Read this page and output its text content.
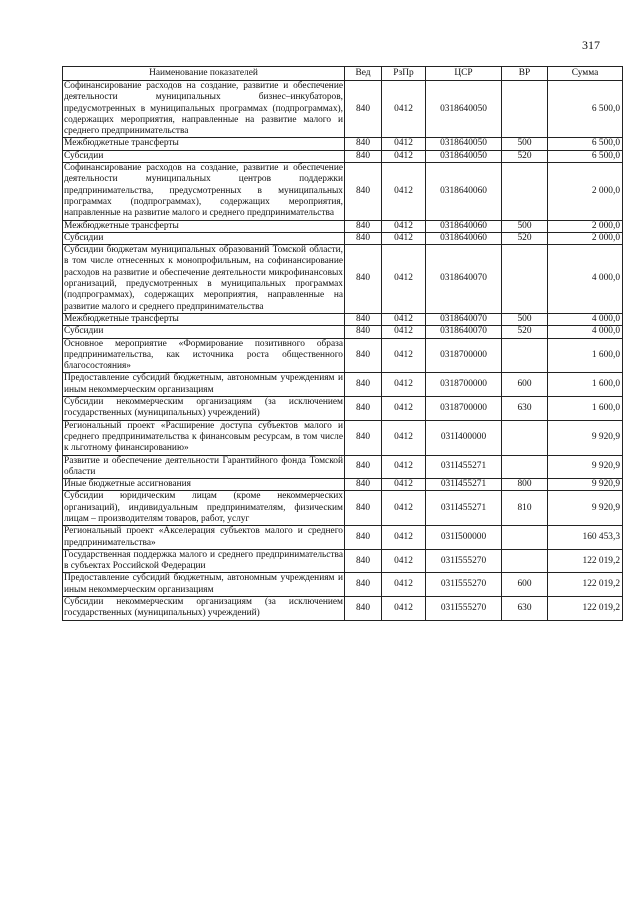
317
Наименование показателей	Вед	РзПр	ЦСР	ВР	Сумма
Софинансирование расходов на создание, развитие и обеспечение деятельности муниципальных бизнес–инкубаторов, предусмотренных в муниципальных программах (подпрограммах), содержащих мероприятия, направленные на развитие малого и среднего предпринимательства	840	0412	0318640050		6 500,0
Межбюджетные трансферты	840	0412	0318640050	500	6 500,0
Субсидии	840	0412	0318640050	520	6 500,0
Софинансирование расходов на создание, развитие и обеспечение деятельности муниципальных центров поддержки предпринимательства, предусмотренных в муниципальных программах (подпрограммах), содержащих мероприятия, направленные на развитие малого и среднего предпринимательства	840	0412	0318640060		2 000,0
Межбюджетные трансферты	840	0412	0318640060	500	2 000,0
Субсидии	840	0412	0318640060	520	2 000,0
Субсидии бюджетам муниципальных образований Томской области, в том числе отнесенных к монопрофильным, на софинансирование расходов на развитие и обеспечение деятельности микрофинансовых организаций, предусмотренных в муниципальных программах (подпрограммах), содержащих мероприятия, направленные на развитие малого и среднего предпринимательства	840	0412	0318640070		4 000,0
Межбюджетные трансферты	840	0412	0318640070	500	4 000,0
Субсидии	840	0412	0318640070	520	4 000,0
Основное мероприятие «Формирование позитивного образа предпринимательства, как источника роста общественного благосостояния»	840	0412	0318700000		1 600,0
Предоставление субсидий бюджетным, автономным учреждениям и иным некоммерческим организациям	840	0412	0318700000	600	1 600,0
Субсидии некоммерческим организациям (за исключением государственных (муниципальных) учреждений)	840	0412	0318700000	630	1 600,0
Региональный проект «Расширение доступа субъектов малого и среднего предпринимательства к финансовым ресурсам, в том числе к льготному финансированию»	840	0412	031I400000		9 920,9
Развитие и обеспечение деятельности Гарантийного фонда Томской области	840	0412	031I455271		9 920,9
Иные бюджетные ассигнования	840	0412	031I455271	800	9 920,9
Субсидии юридическим лицам (кроме некоммерческих организаций), индивидуальным предпринимателям, физическим лицам – производителям товаров, работ, услуг	840	0412	031I455271	810	9 920,9
Региональный проект «Акселерация субъектов малого и среднего предпринимательства»	840	0412	031I500000		160 453,3
Государственная поддержка малого и среднего предпринимательства в субъектах Российской Федерации	840	0412	031I555270		122 019,2
Предоставление субсидий бюджетным, автономным учреждениям и иным некоммерческим организациям	840	0412	031I555270	600	122 019,2
Субсидии некоммерческим организациям (за исключением государственных (муниципальных) учреждений)	840	0412	031I555270	630	122 019,2
